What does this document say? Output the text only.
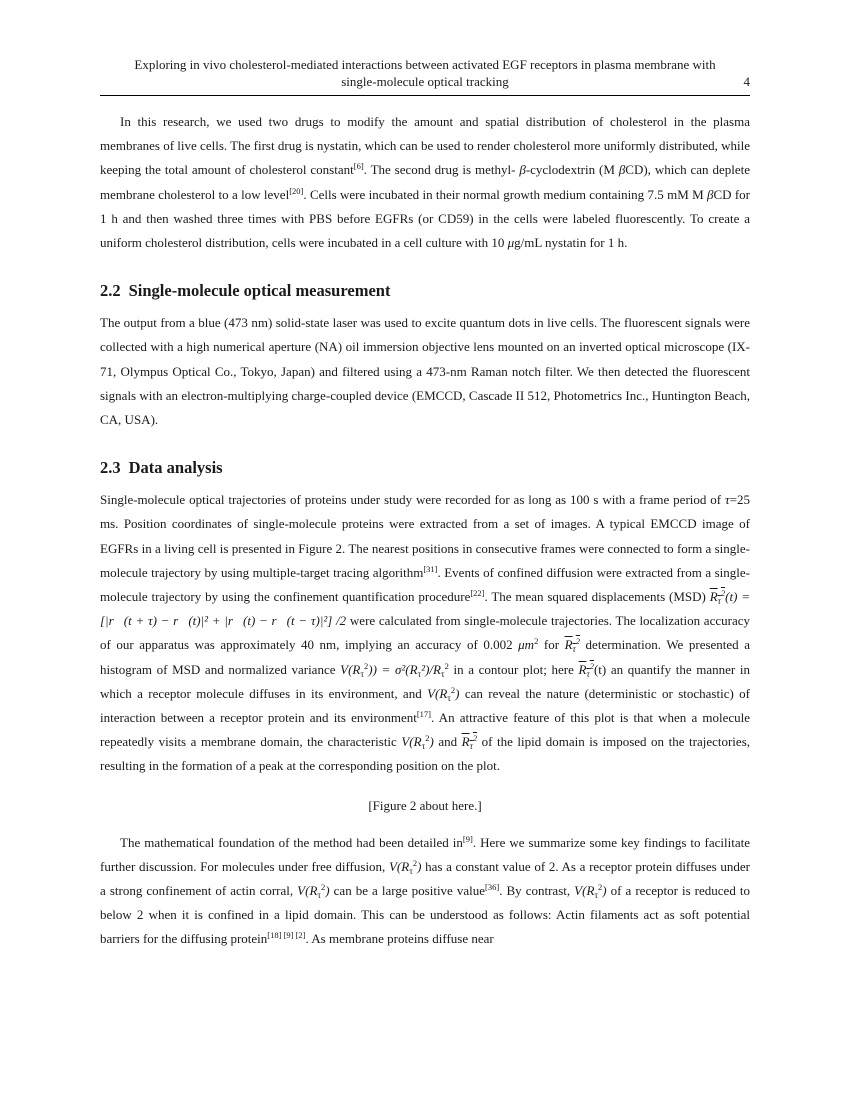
Exploring in vivo cholesterol-mediated interactions between activated EGF receptors in plasma membrane with
single-molecule optical tracking	4

In this research, we used two drugs to modify the amount and spatial distribution of cholesterol in the plasma membranes of live cells. The first drug is nystatin, which can be used to render cholesterol more uniformly distributed, while keeping the total amount of cholesterol constant[6]. The second drug is methyl- β-cyclodextrin (M βCD), which can deplete membrane cholesterol to a low level[20]. Cells were incubated in their normal growth medium containing 7.5 mM M βCD for 1 h and then washed three times with PBS before EGFRs (or CD59) in the cells were labeled fluorescently. To create a uniform cholesterol distribution, cells were incubated in a cell culture with 10 μg/mL nystatin for 1 h.

2.2 Single-molecule optical measurement

The output from a blue (473 nm) solid-state laser was used to excite quantum dots in live cells. The fluorescent signals were collected with a high numerical aperture (NA) oil immersion objective lens mounted on an inverted optical microscope (IX-71, Olympus Optical Co., Tokyo, Japan) and filtered using a 473-nm Raman notch filter. We then detected the fluorescent signals with an electron-multiplying charge-coupled device (EMCCD, Cascade II 512, Photometrics Inc., Huntington Beach, CA, USA).

2.3 Data analysis

Single-molecule optical trajectories of proteins under study were recorded for as long as 100 s with a frame period of τ=25 ms. Position coordinates of single-molecule proteins were extracted from a set of images. A typical EMCCD image of EGFRs in a living cell is presented in Figure 2. The nearest positions in consecutive frames were connected to form a single-molecule trajectory by using multiple-target tracing algorithm[31]. Events of confined diffusion were extracted from a single-molecule trajectory by using the confinement quantification procedure[22]. The mean squared displacements (MSD) $R_\tau^2(t)$ = [|r⃗(t + τ) − r⃗(t)|² + |r⃗(t) − r⃗(t − τ)|²] /2 were calculated from single-molecule trajectories. The localization accuracy of our apparatus was approximately 40 nm, implying an accuracy of 0.002 $\mu m^2$ for $R_\tau^2$ determination. We presented a histogram of MSD and normalized variance $V(R_\tau^2)) = \sigma^2(R_\tau^2)/R_\tau^2$ in a contour plot; here $R_\tau^2(t)$ an quantify the manner in which a receptor molecule diffuses in its environment, and $V(R_\tau^2)$ can reveal the nature (deterministic or stochastic) of interaction between a receptor protein and its environment[17]. An attractive feature of this plot is that when a molecule repeatedly visits a membrane domain, the characteristic $V(R_\tau^2)$ and $R_\tau^2$ of the lipid domain is imposed on the trajectories, resulting in the formation of a peak at the corresponding position on the plot.

[Figure 2 about here.]

The mathematical foundation of the method had been detailed in[9]. Here we summarize some key findings to facilitate further discussion. For molecules under free diffusion, $V(R_\tau^2)$ has a constant value of 2. As a receptor protein diffuses under a strong confinement of actin corral, $V(R_\tau^2)$ can be a large positive value[36]. By contrast, $V(R_\tau^2)$ of a receptor is reduced to below 2 when it is confined in a lipid domain. This can be understood as follows: Actin filaments act as soft potential barriers for the diffusing protein[18] [9] [2]. As membrane proteins diffuse near
